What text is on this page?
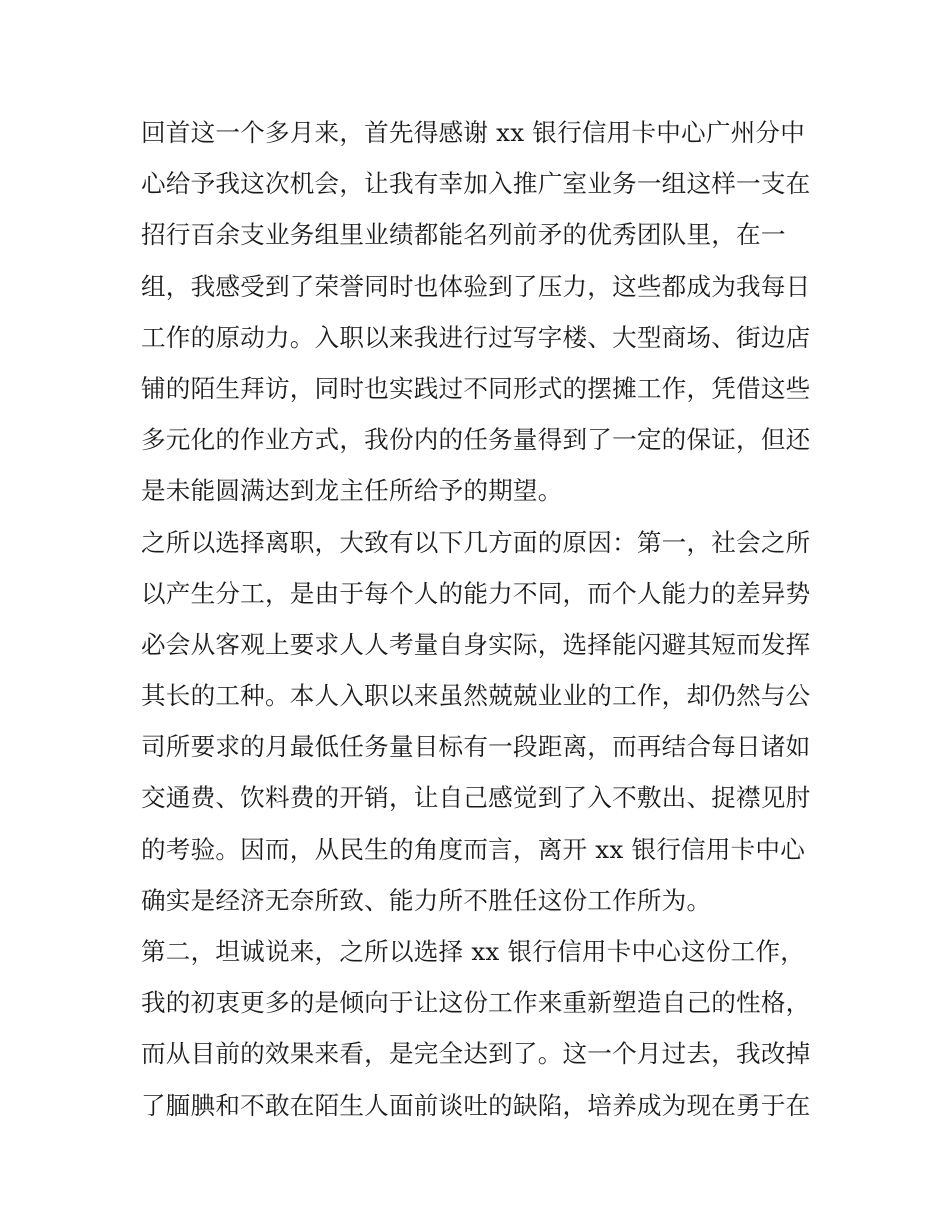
回首这一个多月来，首先得感谢 xx 银行信用卡中心广州分中
心给予我这次机会，让我有幸加入推广室业务一组这样一支在
招行百余支业务组里业绩都能名列前矛的优秀团队里，在一
组，我感受到了荣誉同时也体验到了压力，这些都成为我每日
工作的原动力。入职以来我进行过写字楼、大型商场、街边店
铺的陌生拜访，同时也实践过不同形式的摆摊工作，凭借这些
多元化的作业方式，我份内的任务量得到了一定的保证，但还
是未能圆满达到龙主任所给予的期望。
之所以选择离职，大致有以下几方面的原因：第一，社会之所
以产生分工，是由于每个人的能力不同，而个人能力的差异势
必会从客观上要求人人考量自身实际，选择能闪避其短而发挥
其长的工种。本人入职以来虽然兢兢业业的工作，却仍然与公
司所要求的月最低任务量目标有一段距离，而再结合每日诸如
交通费、饮料费的开销，让自己感觉到了入不敷出、捉襟见肘
的考验。因而，从民生的角度而言，离开 xx 银行信用卡中心
确实是经济无奈所致、能力所不胜任这份工作所为。
第二，坦诚说来，之所以选择 xx 银行信用卡中心这份工作，
我的初衷更多的是倾向于让这份工作来重新塑造自己的性格，
而从目前的效果来看，是完全达到了。这一个月过去，我改掉
了腼腆和不敢在陌生人面前谈吐的缺陷，培养成为现在勇于在
